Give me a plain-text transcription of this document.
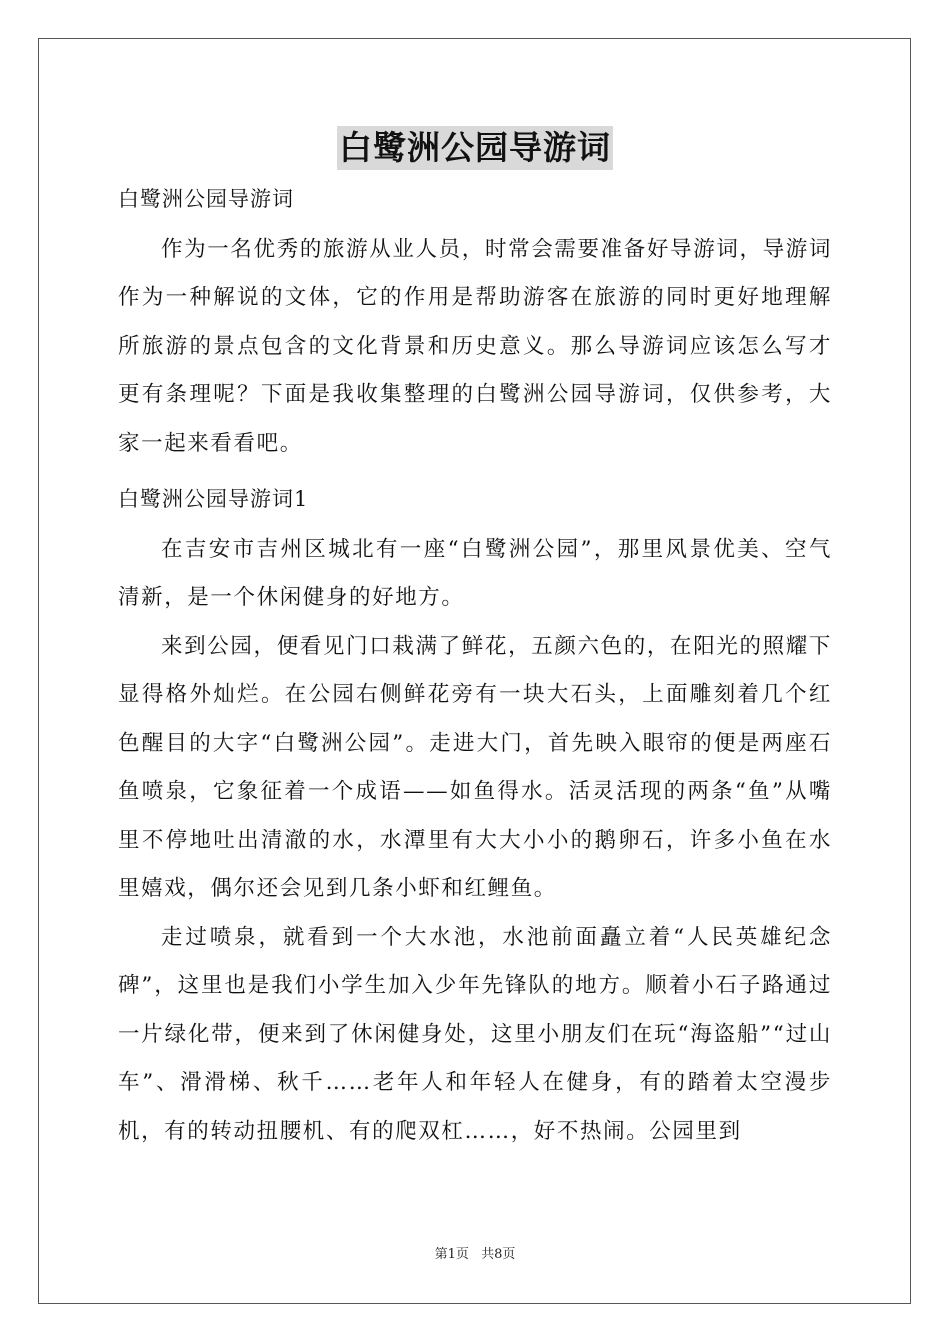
白鹭洲公园导游词
白鹭洲公园导游词

作为一名优秀的旅游从业人员，时常会需要准备好导游词，导游词作为一种解说的文体，它的作用是帮助游客在旅游的同时更好地理解所旅游的景点包含的文化背景和历史意义。那么导游词应该怎么写才更有条理呢？下面是我收集整理的白鹭洲公园导游词，仅供参考，大家一起来看看吧。

白鹭洲公园导游词1

在吉安市吉州区城北有一座“白鹭洲公园”，那里风景优美、空气清新，是一个休闲健身的好地方。

来到公园，便看见门口栽满了鲜花，五颜六色的，在阳光的照耀下显得格外灿烂。在公园右侧鲜花旁有一块大石头，上面雕刻着几个红色醒目的大字“白鹭洲公园”。走进大门，首先映入眼帘的便是两座石鱼喷泉，它象征着一个成语——如鱼得水。活灵活现的两条“鱼”从嘴里不停地吐出清澈的水，水潭里有大大小小的鹅卵石，许多小鱼在水里嬉戏，偶尔还会见到几条小虾和红鲤鱼。

走过喷泉，就看到一个大水池，水池前面矗立着“人民英雄纪念碑”，这里也是我们小学生加入少年先锋队的地方。顺着小石子路通过一片绿化带，便来到了休闲健身处，这里小朋友们在玩“海盗船”“过山车”、滑滑梯、秋千……老年人和年轻人在健身，有的踏着太空漫步机，有的转动扭腰机、有的爬双杠……，好不热闹。公园里到

第1页 共8页
